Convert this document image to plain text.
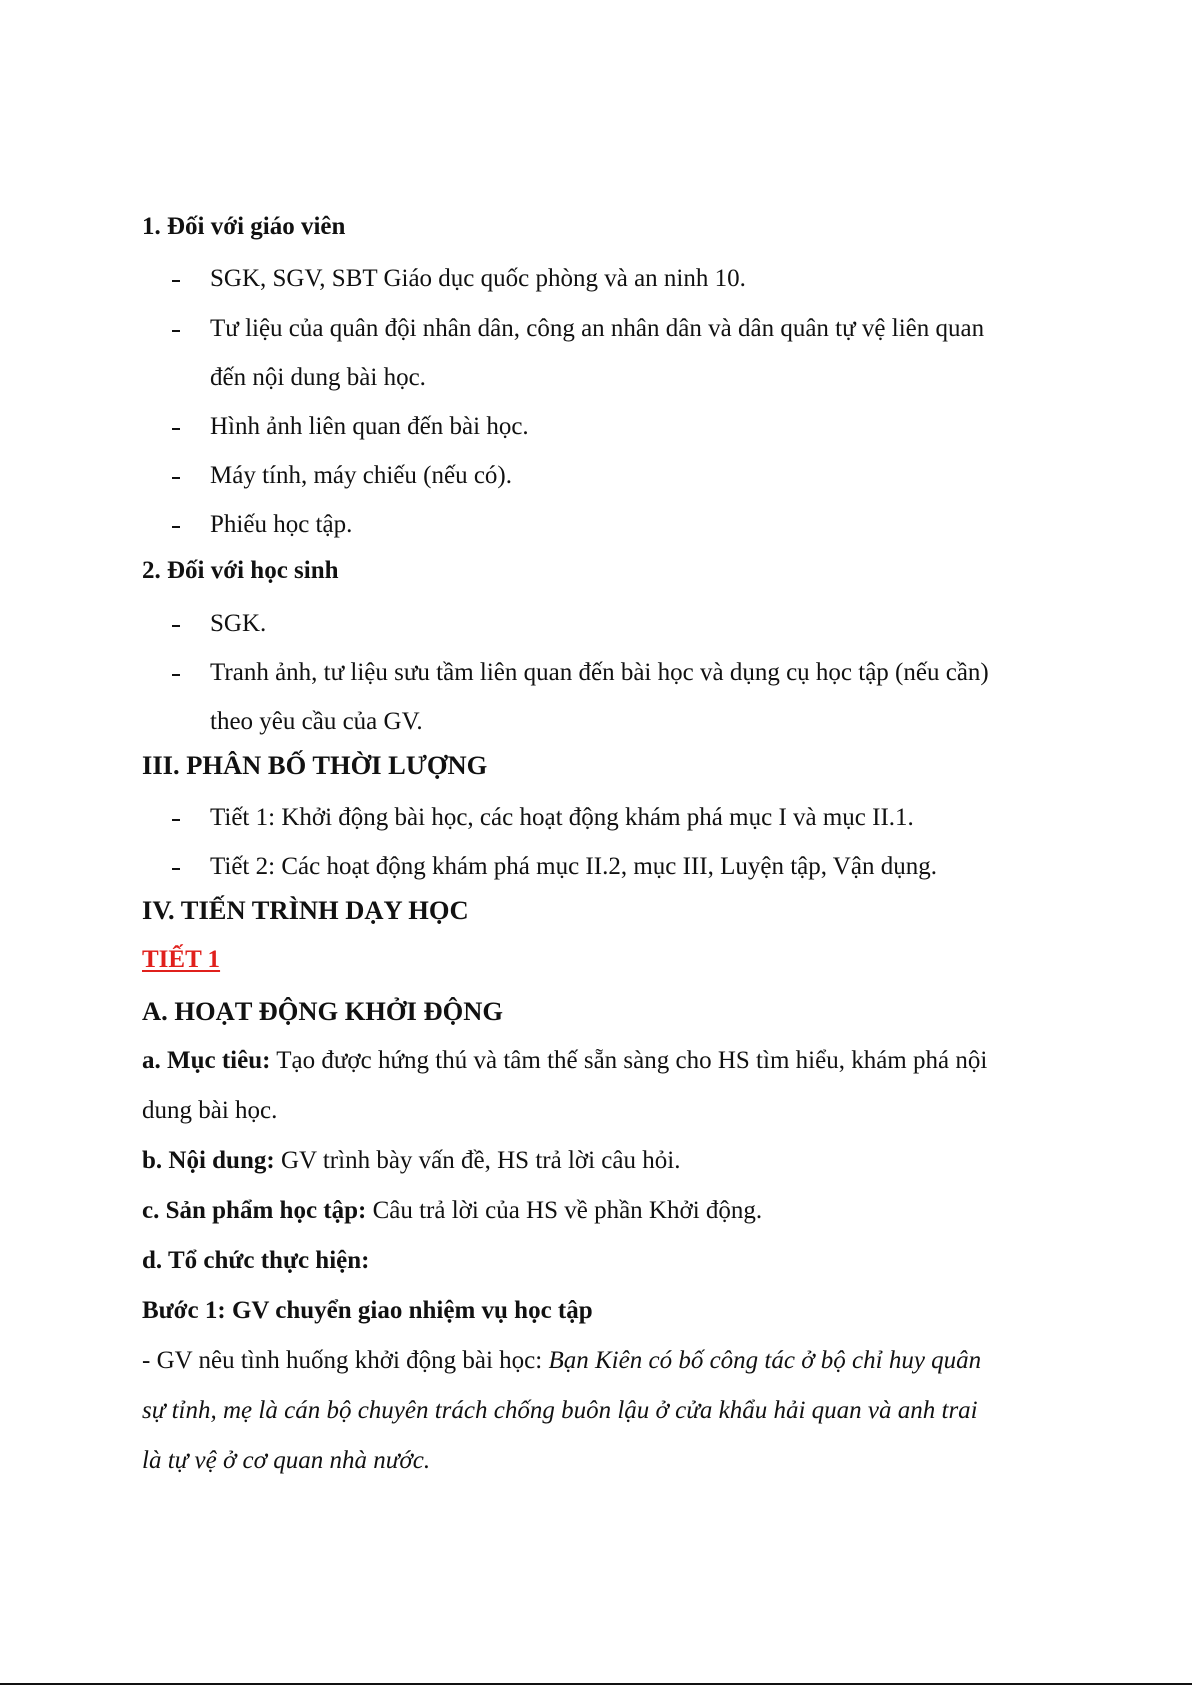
1. Đối với giáo viên
SGK, SGV, SBT Giáo dục quốc phòng và an ninh 10.
Tư liệu của quân đội nhân dân, công an nhân dân và dân quân tự vệ liên quan
đến nội dung bài học.
Hình ảnh liên quan đến bài học.
Máy tính, máy chiếu (nếu có).
Phiếu học tập.
2. Đối với học sinh
SGK.
Tranh ảnh, tư liệu sưu tầm liên quan đến bài học và dụng cụ học tập (nếu cần)
theo yêu cầu của GV.
III. PHÂN BỐ THỜI LƯỢNG
Tiết 1: Khởi động bài học, các hoạt động khám phá mục I và mục II.1.
Tiết 2: Các hoạt động khám phá mục II.2, mục III, Luyện tập, Vận dụng.
IV. TIẾN TRÌNH DẠY HỌC
TIẾT 1
A. HOẠT ĐỘNG KHỞI ĐỘNG
a. Mục tiêu: Tạo được hứng thú và tâm thế sẵn sàng cho HS tìm hiểu, khám phá nội
dung bài học.
b. Nội dung: GV trình bày vấn đề, HS trả lời câu hỏi.
c. Sản phẩm học tập: Câu trả lời của HS về phần Khởi động.
d. Tổ chức thực hiện:
Bước 1: GV chuyển giao nhiệm vụ học tập
- GV nêu tình huống khởi động bài học: Bạn Kiên có bố công tác ở bộ chỉ huy quân
sự tỉnh, mẹ là cán bộ chuyên trách chống buôn lậu ở cửa khẩu hải quan và anh trai
là tự vệ ở cơ quan nhà nước.
